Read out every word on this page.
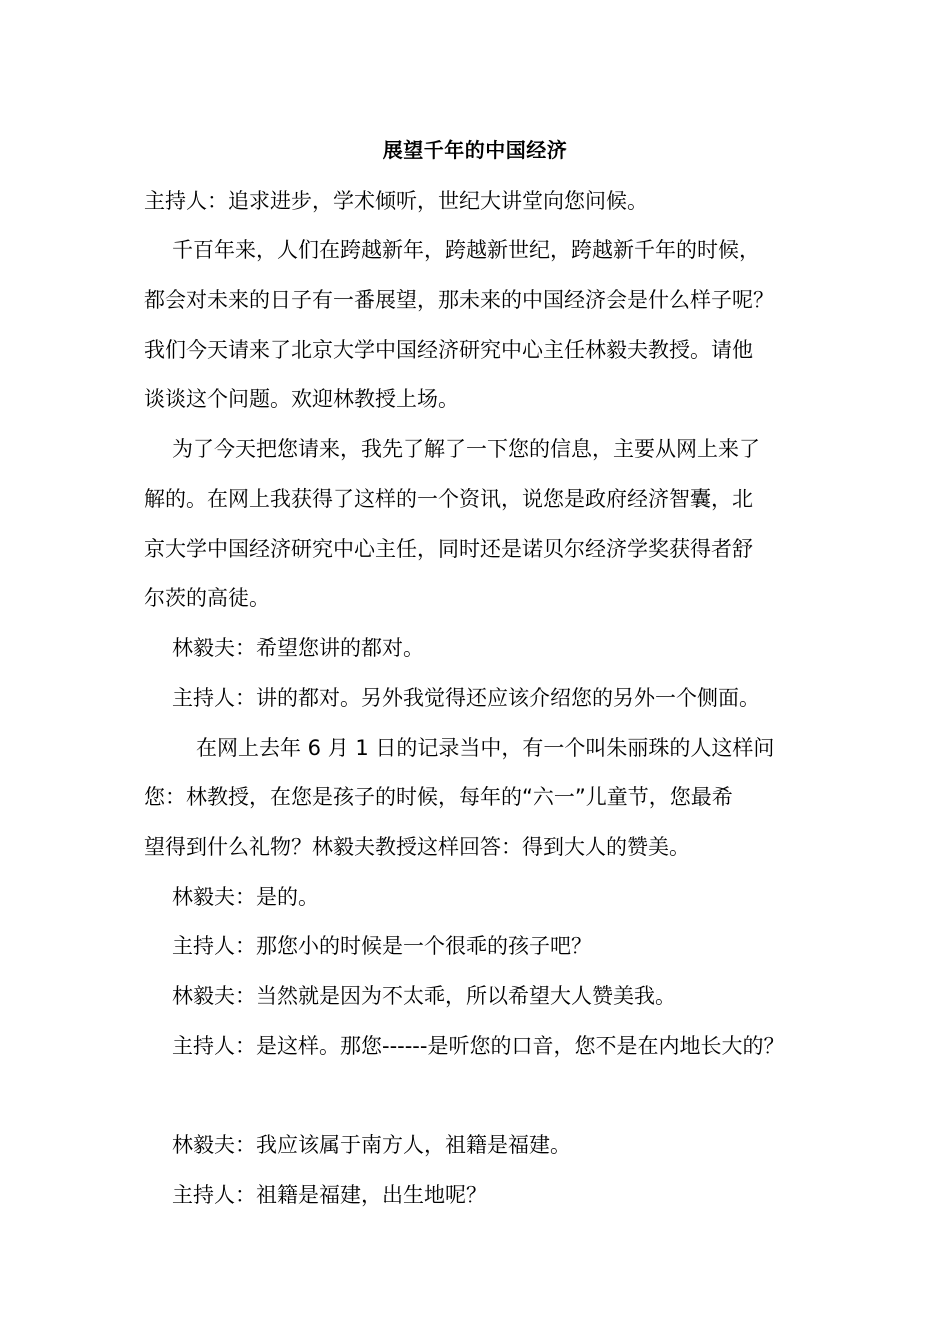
展望千年的中国经济
主持人：追求进步，学术倾听，世纪大讲堂向您问候。
千百年来，人们在跨越新年，跨越新世纪，跨越新千年的时候，
都会对未来的日子有一番展望，那未来的中国经济会是什么样子呢？
我们今天请来了北京大学中国经济研究中心主任林毅夫教授。请他
谈谈这个问题。欢迎林教授上场。
为了今天把您请来，我先了解了一下您的信息，主要从网上来了
解的。在网上我获得了这样的一个资讯，说您是政府经济智囊，北
京大学中国经济研究中心主任，同时还是诺贝尔经济学奖获得者舒
尔茨的高徒。
林毅夫：希望您讲的都对。
主持人：讲的都对。另外我觉得还应该介绍您的另外一个侧面。
在网上去年 6 月 1 日的记录当中，有一个叫朱丽珠的人这样问
您：林教授，在您是孩子的时候，每年的“六一”儿童节，您最希
望得到什么礼物？林毅夫教授这样回答：得到大人的赞美。
林毅夫：是的。
主持人：那您小的时候是一个很乖的孩子吧？
林毅夫：当然就是因为不太乖，所以希望大人赞美我。
主持人：是这样。那您------是听您的口音，您不是在内地长大的？
林毅夫：我应该属于南方人，祖籍是福建。
主持人：祖籍是福建，出生地呢？
